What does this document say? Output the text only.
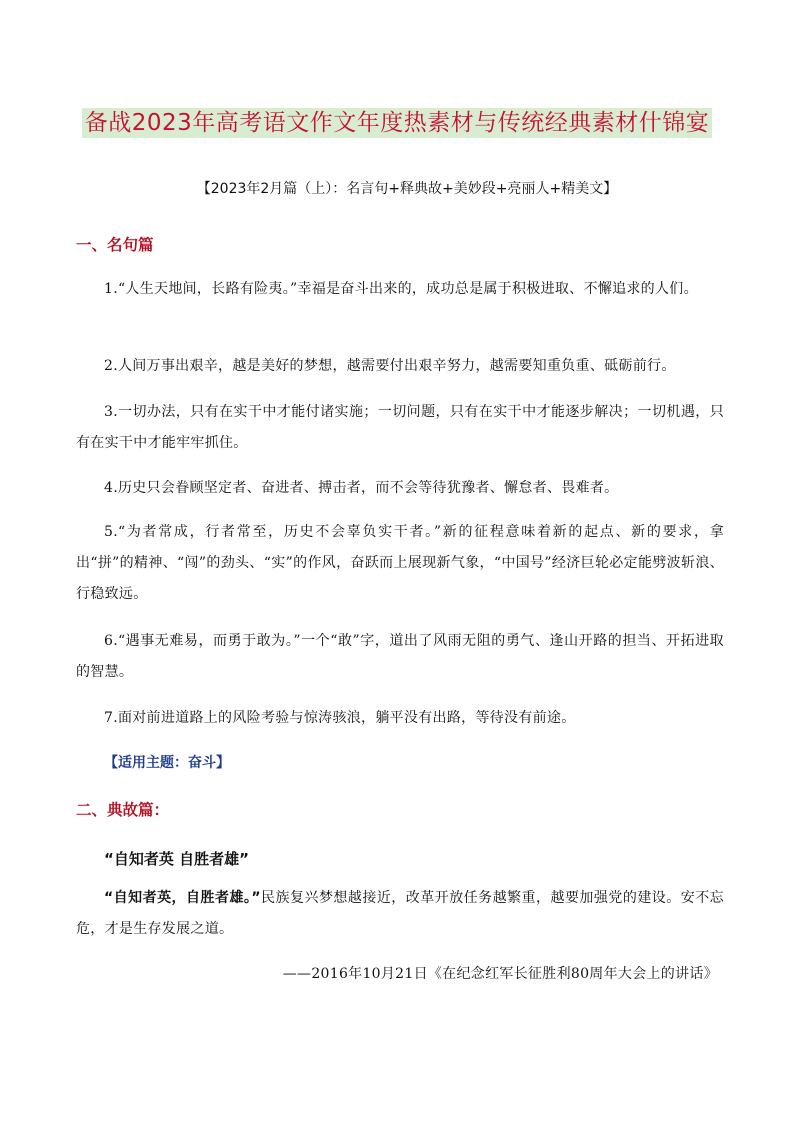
备战2023年高考语文作文年度热素材与传统经典素材什锦宴
【2023年2月篇（上）：名言句+释典故+美妙段+亮丽人+精美文】
一、名句篇

1.“人生天地间，长路有险夷。”幸福是奋斗出来的，成功总是属于积极进取、不懈追求的人们。

2.人间万事出艰辛，越是美好的梦想，越需要付出艰辛努力，越需要知重负重、砥砺前行。

3.一切办法，只有在实干中才能付诸实施；一切问题，只有在实干中才能逐步解决；一切机遇，只有在实干中才能牢牢抓住。

4.历史只会眷顾坚定者、奋进者、搏击者，而不会等待犹豫者、懈怠者、畏难者。

5.“为者常成，行者常至，历史不会辜负实干者。”新的征程意味着新的起点、新的要求，拿出“拼”的精神、“闯”的劲头、“实”的作风，奋跃而上展现新气象，“中国号”经济巨轮必定能劈波斩浪、行稳致远。

6.“遇事无难易，而勇于敢为。”一个“敢”字，道出了风雨无阻的勇气、逢山开路的担当、开拓进取的智慧。

7.面对前进道路上的风险考验与惊涛骇浪，躺平没有出路，等待没有前途。

【适用主题：奋斗】
二、典故篇：
“自知者英 自胜者雄”

“自知者英，自胜者雄。”民族复兴梦想越接近，改革开放任务越繁重，越要加强党的建设。安不忘危，才是生存发展之道。

——2016年10月21日《在纪念红军长征胜利80周年大会上的讲话》
